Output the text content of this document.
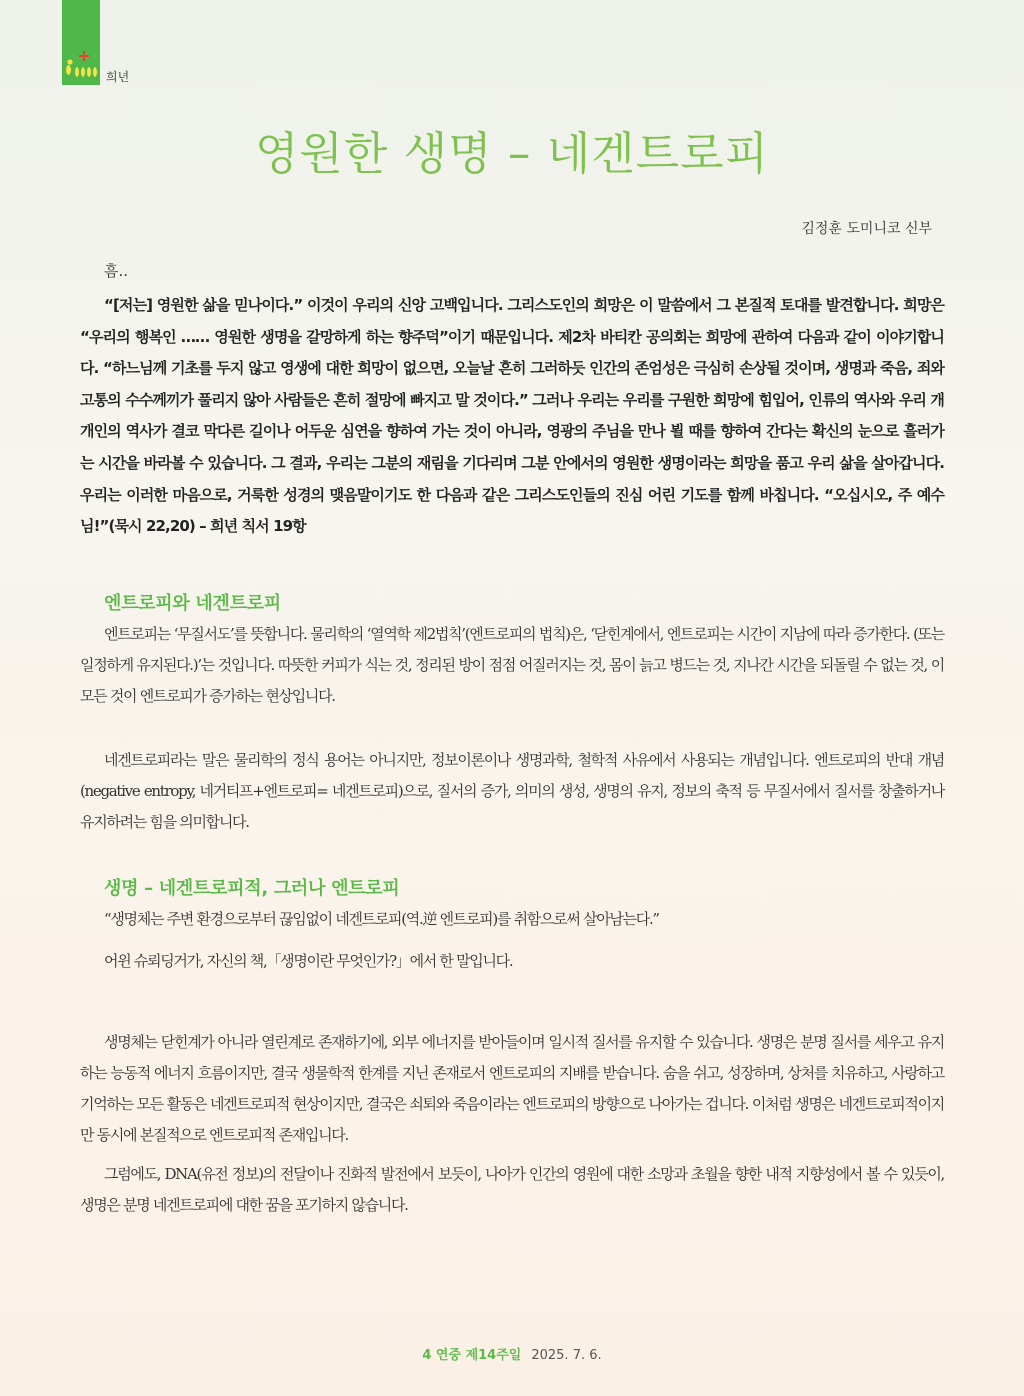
희년
영원한 생명 – 네겐트로피
김정훈 도미니코 신부

흠..

“[저는] 영원한 삶을 믿나이다.” 이것이 우리의 신앙 고백입니다. 그리스도인의 희망은 이 말씀에서 그 본질적 토대를 발견합니다. 희망은 “우리의 행복인 …… 영원한 생명을 갈망하게 하는 향주덕”이기 때문입니다. 제2차 바티칸 공의회는 희망에 관하여 다음과 같이 이야기합니다. “하느님께 기초를 두지 않고 영생에 대한 희망이 없으면, 오늘날 흔히 그러하듯 인간의 존엄성은 극심히 손상될 것이며, 생명과 죽음, 죄와 고통의 수수께끼가 풀리지 않아 사람들은 흔히 절망에 빠지고 말 것이다.” 그러나 우리는 우리를 구원한 희망에 힘입어, 인류의 역사와 우리 개개인의 역사가 결코 막다른 길이나 어두운 심연을 향하여 가는 것이 아니라, 영광의 주님을 만나 뵐 때를 향하여 간다는 확신의 눈으로 흘러가는 시간을 바라볼 수 있습니다. 그 결과, 우리는 그분의 재림을 기다리며 그분 안에서의 영원한 생명이라는 희망을 품고 우리 삶을 살아갑니다. 우리는 이러한 마음으로, 거룩한 성경의 맺음말이기도 한 다음과 같은 그리스도인들의 진심 어린 기도를 함께 바칩니다. “오십시오, 주 예수님!”(묵시 22,20) – 희년 칙서 19항

엔트로피와 네겐트로피

엔트로피는 ‘무질서도’를 뜻합니다. 물리학의 ‘열역학 제2법칙’(엔트로피의 법칙)은, ‘닫힌계에서, 엔트로피는 시간이 지남에 따라 증가한다. (또는 일정하게 유지된다.)’는 것입니다. 따뜻한 커피가 식는 것, 정리된 방이 점점 어질러지는 것, 몸이 늙고 병드는 것, 지나간 시간을 되돌릴 수 없는 것, 이 모든 것이 엔트로피가 증가하는 현상입니다.

네겐트로피라는 말은 물리학의 정식 용어는 아니지만, 정보이론이나 생명과학, 철학적 사유에서 사용되는 개념입니다. 엔트로피의 반대 개념(negative entropy, 네거티프+엔트로피= 네겐트로피)으로, 질서의 증가, 의미의 생성, 생명의 유지, 정보의 축적 등 무질서에서 질서를 창출하거나 유지하려는 힘을 의미합니다.

생명 – 네겐트로피적, 그러나 엔트로피

“생명체는 주변 환경으로부터 끊임없이 네겐트로피(역.逆 엔트로피)를 취함으로써 살아남는다.”

어윈 슈뢰딩거가, 자신의 책,「생명이란 무엇인가?」에서 한 말입니다.

생명체는 닫힌계가 아니라 열린계로 존재하기에, 외부 에너지를 받아들이며 일시적 질서를 유지할 수 있습니다. 생명은 분명 질서를 세우고 유지하는 능동적 에너지 흐름이지만, 결국 생물학적 한계를 지닌 존재로서 엔트로피의 지배를 받습니다. 숨을 쉬고, 성장하며, 상처를 치유하고, 사랑하고 기억하는 모든 활동은 네겐트로피적 현상이지만, 결국은 쇠퇴와 죽음이라는 엔트로피의 방향으로 나아가는 겁니다. 이처럼 생명은 네겐트로피적이지만 동시에 본질적으로 엔트로피적 존재입니다.

그럼에도, DNA(유전 정보)의 전달이나 진화적 발전에서 보듯이, 나아가 인간의 영원에 대한 소망과 초월을 향한 내적 지향성에서 볼 수 있듯이, 생명은 분명 네겐트로피에 대한 꿈을 포기하지 않습니다.

4 연중 제14주일 2025. 7. 6.
